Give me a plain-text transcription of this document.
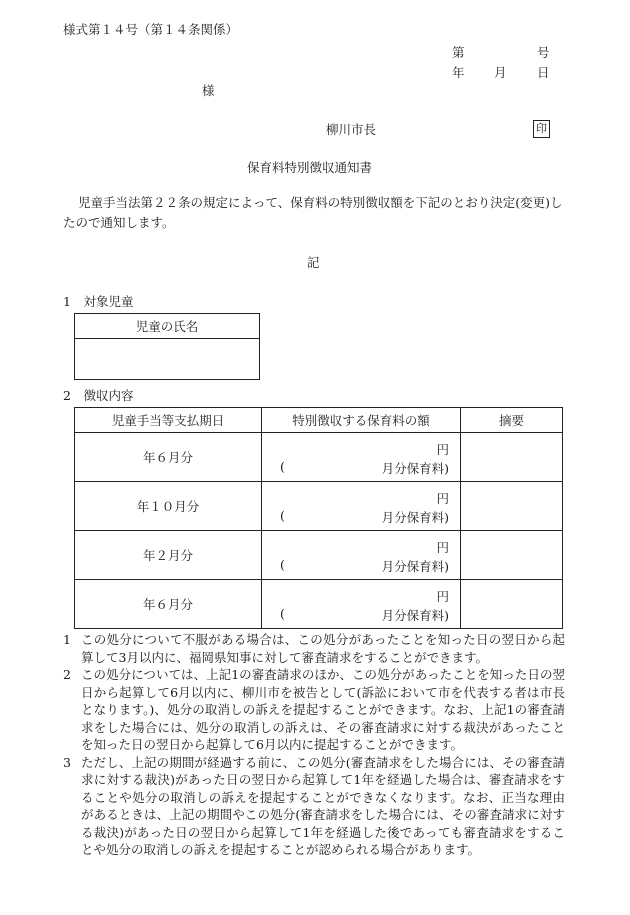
様式第１４号（第１４条関係）
第	号
年 月 日
様
柳川市長	印
保育料特別徴収通知書
児童手当法第２２条の規定によって、保育料の特別徴収額を下記のとおり決定(変更)したので通知します。
記
1　対象児童
児童の氏名

2　徴収内容
児童手当等支払期日	特別徴収する保育料の額	摘要
年６月分	円
( 月分保育料)	

年１０月分	円
( 月分保育料)	

年２月分	円
( 月分保育料)	

年６月分	円
( 月分保育料)	

1 この処分について不服がある場合は、この処分があったことを知った日の翌日から起算して3月以内に、福岡県知事に対して審査請求をすることができます。
2 この処分については、上記1の審査請求のほか、この処分があったことを知った日の翌日から起算して6月以内に、柳川市を被告として(訴訟において市を代表する者は市長となります。)、処分の取消しの訴えを提起することができます。なお、上記1の審査請求をした場合には、処分の取消しの訴えは、その審査請求に対する裁決があったことを知った日の翌日から起算して6月以内に提起することができます。
3 ただし、上記の期間が経過する前に、この処分(審査請求をした場合には、その審査請求に対する裁決)があった日の翌日から起算して1年を経過した場合は、審査請求をすることや処分の取消しの訴えを提起することができなくなります。なお、正当な理由があるときは、上記の期間やこの処分(審査請求をした場合には、その審査請求に対する裁決)があった日の翌日から起算して1年を経過した後であっても審査請求をすることや処分の取消しの訴えを提起することが認められる場合があります。
